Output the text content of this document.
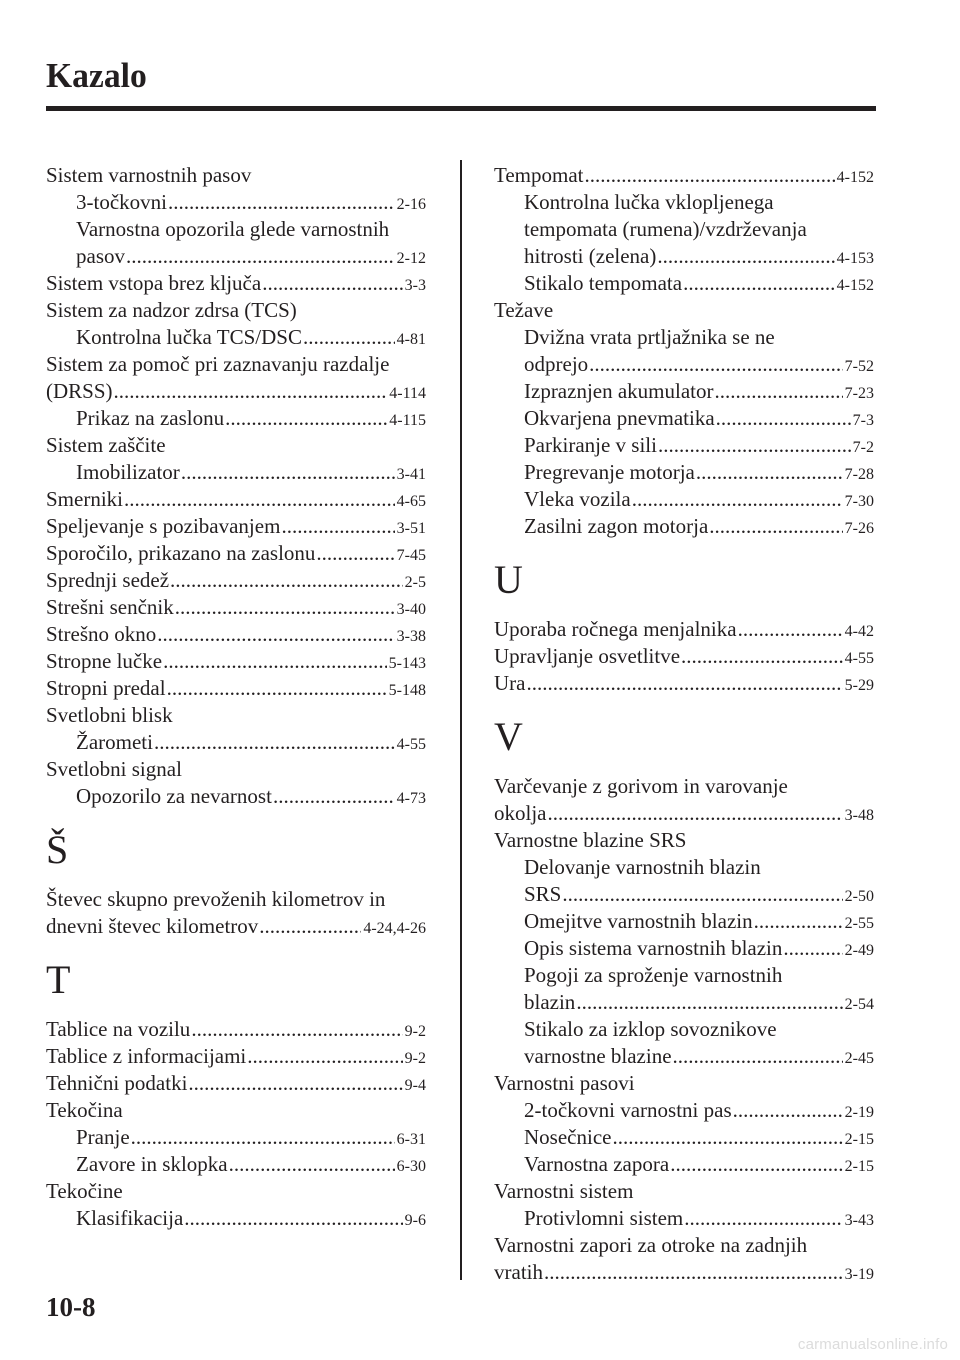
Kazalo
Sistem varnostnih pasov
3-točkovni .....	2-16
Varnostna opozorila glede varnostnih
pasov .....	2-12
Sistem vstopa brez ključa .....	3-3
Sistem za nadzor zdrsa (TCS)
Kontrolna lučka TCS/DSC .....	4-81
Sistem za pomoč pri zaznavanju razdalje
(DRSS) .....	4-114
Prikaz na zaslonu .....	4-115
Sistem zaščite
Imobilizator .....	3-41
Smerniki .....	4-65
Speljevanje s pozibavanjem .....	3-51
Sporočilo, prikazano na zaslonu .....	7-45
Sprednji sedež .....	2-5
Strešni senčnik .....	3-40
Strešno okno .....	3-38
Stropne lučke .....	5-143
Stropni predal .....	5-148
Svetlobni blisk
Žarometi .....	4-55
Svetlobni signal
Opozorilo za nevarnost .....	4-73
Š
Števec skupno prevoženih kilometrov in
dnevni števec kilometrov .....	4-24,4-26
T
Tablice na vozilu .....	9-2
Tablice z informacijami .....	9-2
Tehnični podatki .....	9-4
Tekočina
Pranje .....	6-31
Zavore in sklopka .....	6-30
Tekočine
Klasifikacija .....	9-6
Tempomat .....	4-152
Kontrolna lučka vklopljenega
tempomata (rumena)/vzdrževanja
hitrosti (zelena) .....	4-153
Stikalo tempomata .....	4-152
Težave
Dvižna vrata prtljažnika se ne
odprejo .....	7-52
Izpraznjen akumulator .....	7-23
Okvarjena pnevmatika .....	7-3
Parkiranje v sili .....	7-2
Pregrevanje motorja .....	7-28
Vleka vozila .....	7-30
Zasilni zagon motorja .....	7-26
U
Uporaba ročnega menjalnika .....	4-42
Upravljanje osvetlitve .....	4-55
Ura .....	5-29
V
Varčevanje z gorivom in varovanje
okolja .....	3-48
Varnostne blazine SRS
Delovanje varnostnih blazin
SRS .....	2-50
Omejitve varnostnih blazin .....	2-55
Opis sistema varnostnih blazin .....	2-49
Pogoji za sproženje varnostnih
blazin .....	2-54
Stikalo za izklop sovoznikove
varnostne blazine .....	2-45
Varnostni pasovi
2-točkovni varnostni pas .....	2-19
Nosečnice .....	2-15
Varnostna zapora .....	2-15
Varnostni sistem
Protivlomni sistem .....	3-43
Varnostni zapori za otroke na zadnjih
vratih .....	3-19
10-8
carmanualsonline.info
